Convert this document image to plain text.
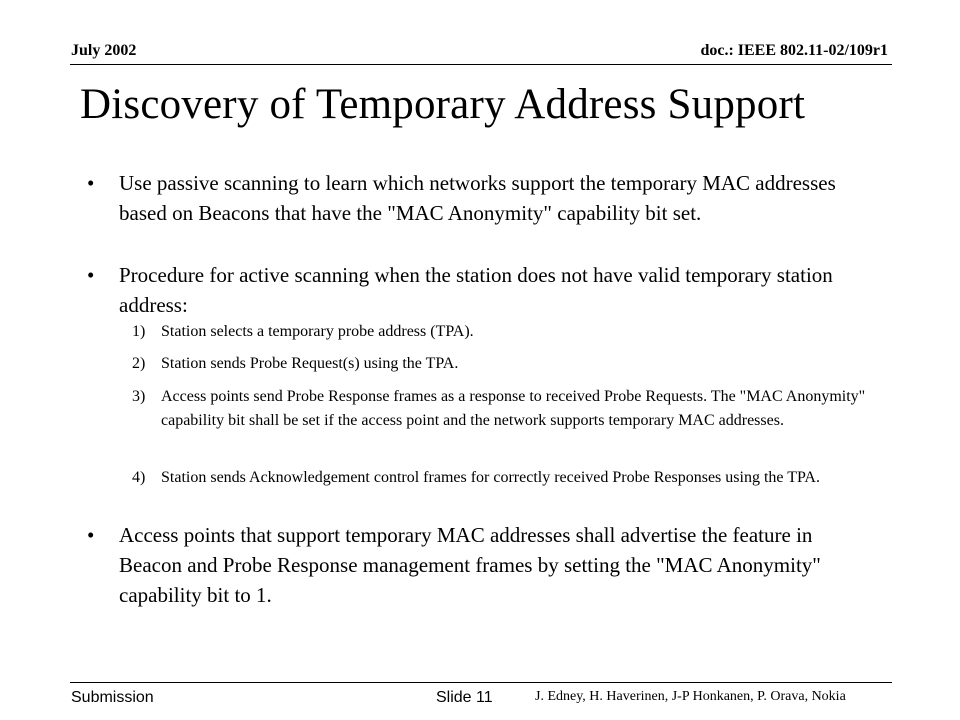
July 2002	doc.: IEEE 802.11-02/109r1
Discovery of Temporary Address Support
• Use passive scanning to learn which networks support the temporary MAC addresses based on Beacons that have the "MAC Anonymity" capability bit set.
• Procedure for active scanning when the station does not have valid temporary station address:
1) Station selects a temporary probe address (TPA).
2) Station sends Probe Request(s) using the TPA.
3) Access points send Probe Response frames as a response to received Probe Requests. The "MAC Anonymity" capability bit shall be set if the access point and the network supports temporary MAC addresses.
4) Station sends Acknowledgement control frames for correctly received Probe Responses using the TPA.
• Access points that support temporary MAC addresses shall advertise the feature in Beacon and Probe Response management frames by setting the "MAC Anonymity" capability bit to 1.
Submission	Slide 11	J. Edney, H. Haverinen, J-P Honkanen, P. Orava, Nokia
